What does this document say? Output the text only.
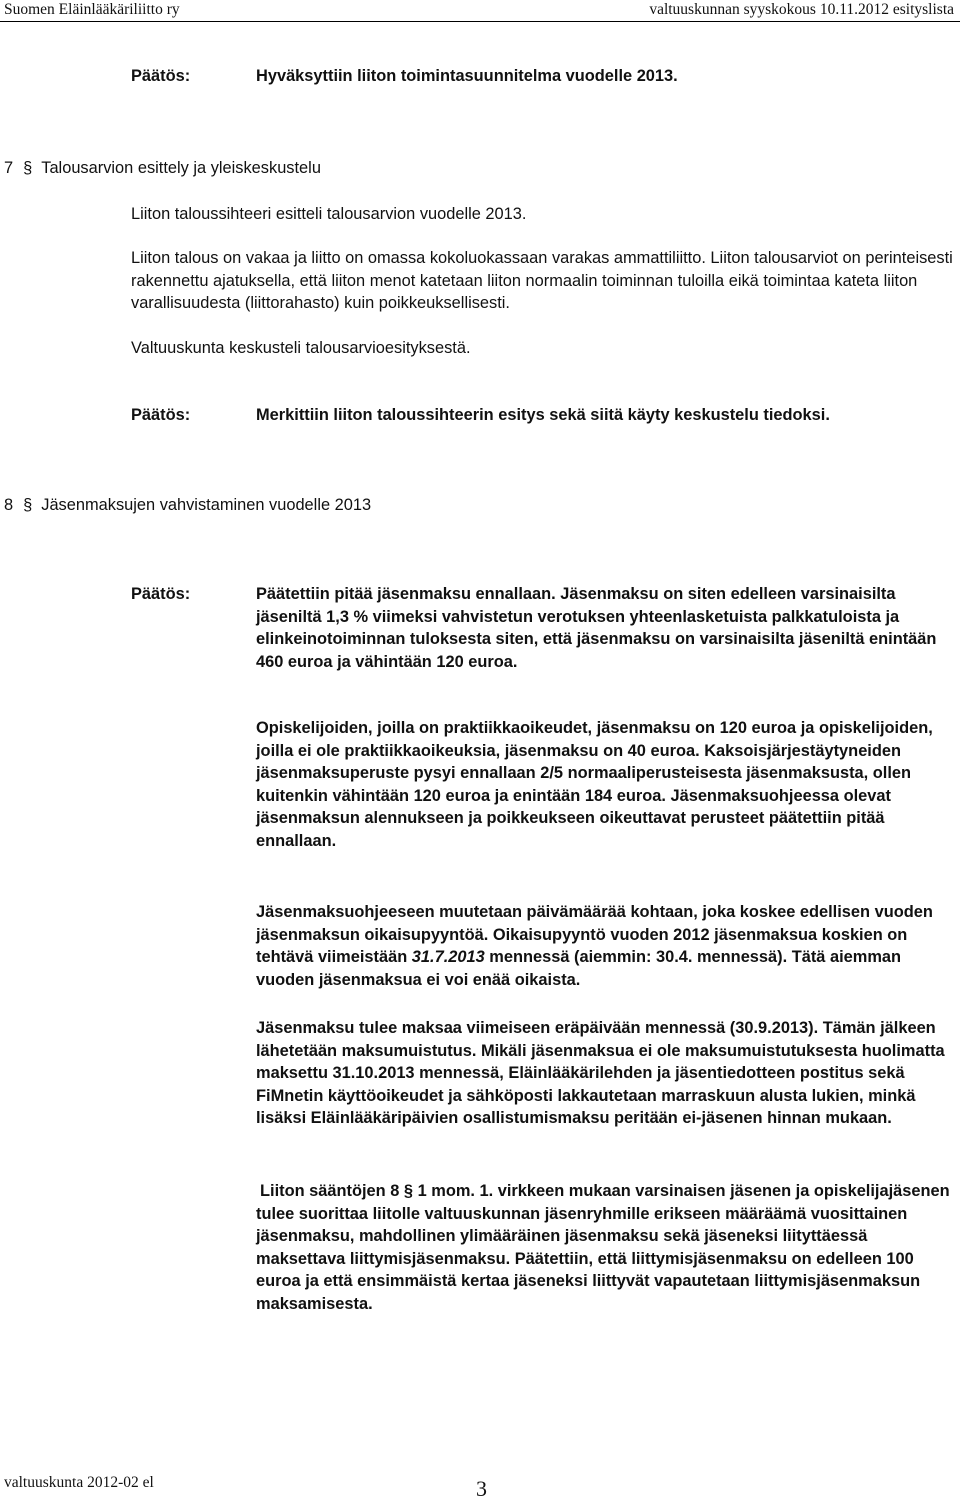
Suomen Eläinlääkäriliitto ry	valtuuskunnan syyskokous 10.11.2012 esityslista
Päätös:	Hyväksyttiin liiton toimintasuunnitelma vuodelle 2013.

7 § Talousarvion esittely ja yleiskeskustelu

Liiton taloussihteeri esitteli talousarvion vuodelle 2013.

Liiton talous on vakaa ja liitto on omassa kokoluokassaan varakas ammattiliitto. Liiton talousarviot on perinteisesti rakennettu ajatuksella, että liiton menot katetaan liiton normaalin toiminnan tuloilla eikä toimintaa kateta liiton varallisuudesta (liittorahasto) kuin poikkeuksellisesti.

Valtuuskunta keskusteli talousarvioesityksestä.

Päätös:	Merkittiin liiton taloussihteerin esitys sekä siitä käyty keskustelu tiedoksi.

8 § Jäsenmaksujen vahvistaminen vuodelle 2013
Päätös:	Päätettiin pitää jäsenmaksu ennallaan. Jäsenmaksu on siten edelleen varsinaisilta jäseniltä 1,3 % viimeksi vahvistetun verotuksen yhteenlasketuista palkkatuloista ja elinkeinotoiminnan tuloksesta siten, että jäsenmaksu on varsinaisilta jäseniltä enintään 460 euroa ja vähintään 120 euroa.

Opiskelijoiden, joilla on praktiikkaoikeudet, jäsenmaksu on 120 euroa ja opiskelijoiden, joilla ei ole praktiikkaoikeuksia, jäsenmaksu on 40 euroa. Kaksoisjärjestäytyneiden jäsenmaksuperuste pysyi ennallaan 2/5 normaaliperusteisesta jäsenmaksusta, ollen kuitenkin vähintään 120 euroa ja enintään 184 euroa. Jäsenmaksuohjeessa olevat jäsenmaksun alennukseen ja poikkeukseen oikeuttavat perusteet päätettiin pitää ennallaan.

Jäsenmaksuohjeeseen muutetaan päivämäärää kohtaan, joka koskee edellisen vuoden jäsenmaksun oikaisupyyntöä. Oikaisupyyntö vuoden 2012 jäsenmaksua koskien on tehtävä viimeistään 31.7.2013 mennessä (aiemmin: 30.4. mennessä). Tätä aiemman vuoden jäsenmaksua ei voi enää oikaista.

Jäsenmaksu tulee maksaa viimeiseen eräpäivään mennessä (30.9.2013). Tämän jälkeen lähetetään maksumuistutus. Mikäli jäsenmaksua ei ole maksumuistutuksesta huolimatta maksettu 31.10.2013 mennessä, Eläinlääkärilehden ja jäsentiedotteen postitus sekä FiMnetin käyttöoikeudet ja sähköposti lakkautetaan marraskuun alusta lukien, minkä lisäksi Eläinlääkäripäivien osallistumismaksu peritään ei-jäsenen hinnan mukaan.

Liiton sääntöjen 8 § 1 mom. 1. virkkeen mukaan varsinaisen jäsenen ja opiskelijajäsenen tulee suorittaa liitolle valtuuskunnan jäsenryhmille erikseen määräämä vuosittainen jäsenmaksu, mahdollinen ylimääräinen jäsenmaksu sekä jäseneksi liityttäessä maksettava liittymisjäsenmaksu. Päätettiin, että liittymisjäsenmaksu on edelleen 100 euroa ja että ensimmäistä kertaa jäseneksi liittyvät vapautetaan liittymisjäsenmaksun maksamisesta.

valtuuskunta 2012-02 el	3
